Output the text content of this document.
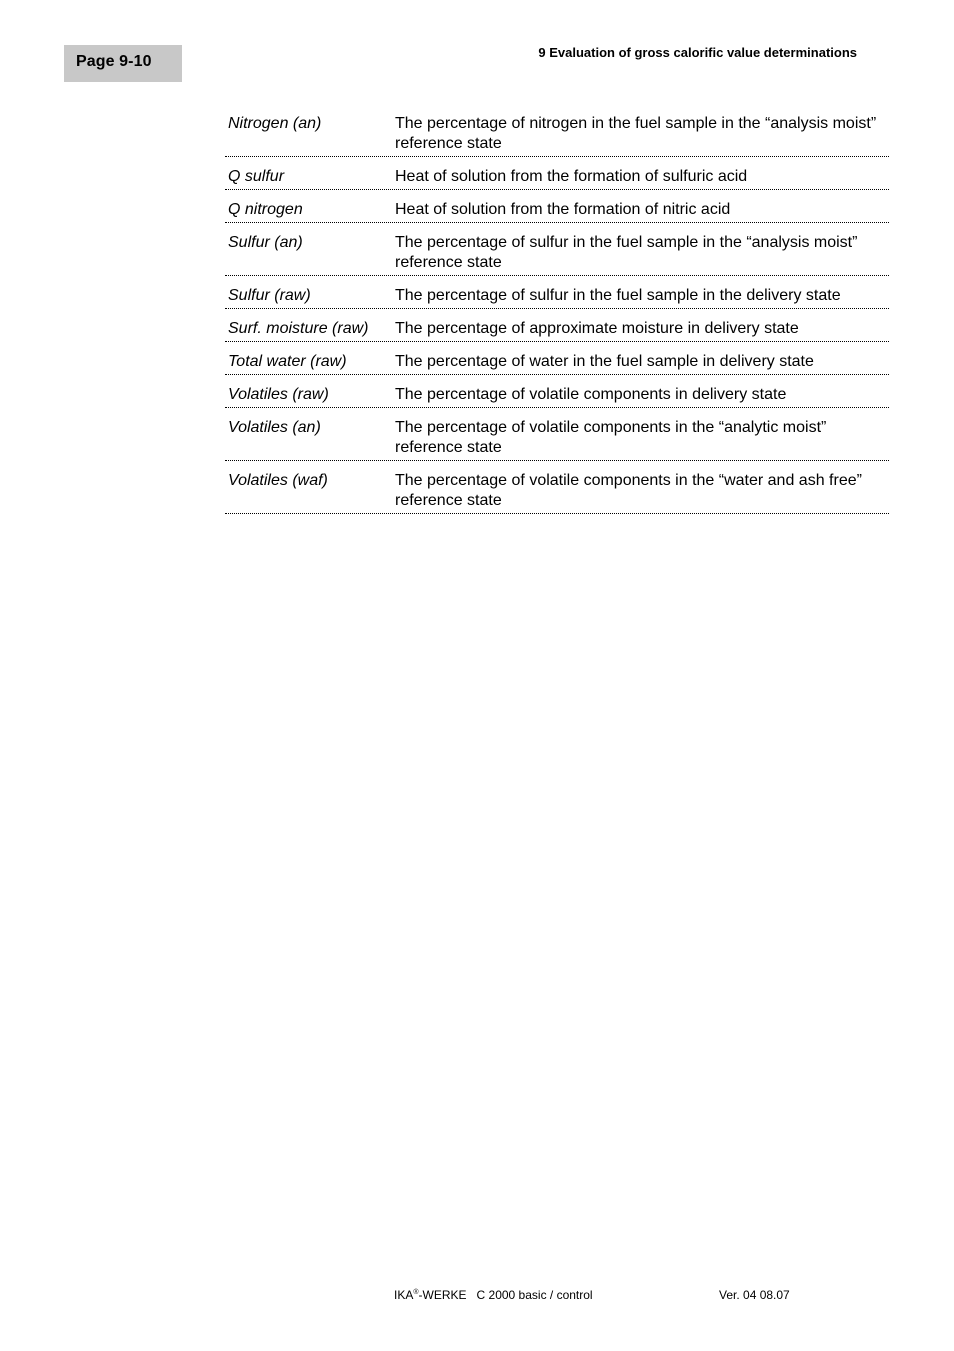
Page 9-10
9 Evaluation of gross calorific value determinations
Nitrogen (an)	The percentage of nitrogen in the fuel sample in the “analysis moist” reference state
Q sulfur	Heat of solution from the formation of sulfuric acid
Q nitrogen	Heat of solution from the formation of nitric acid
Sulfur (an)	The percentage of sulfur in the fuel sample in the “analysis moist” reference state
Sulfur (raw)	The percentage of sulfur in the fuel sample in the delivery state
Surf. moisture (raw)	The percentage of approximate moisture in delivery state
Total water (raw)	The percentage of water in the fuel sample in delivery state
Volatiles (raw)	The percentage of volatile components in delivery state
Volatiles (an)	The percentage of volatile components in the “analytic moist” reference state
Volatiles (waf)	The percentage of volatile components in the “water and ash free” reference state
IKA®-WERKE C 2000 basic / control	Ver. 04 08.07
